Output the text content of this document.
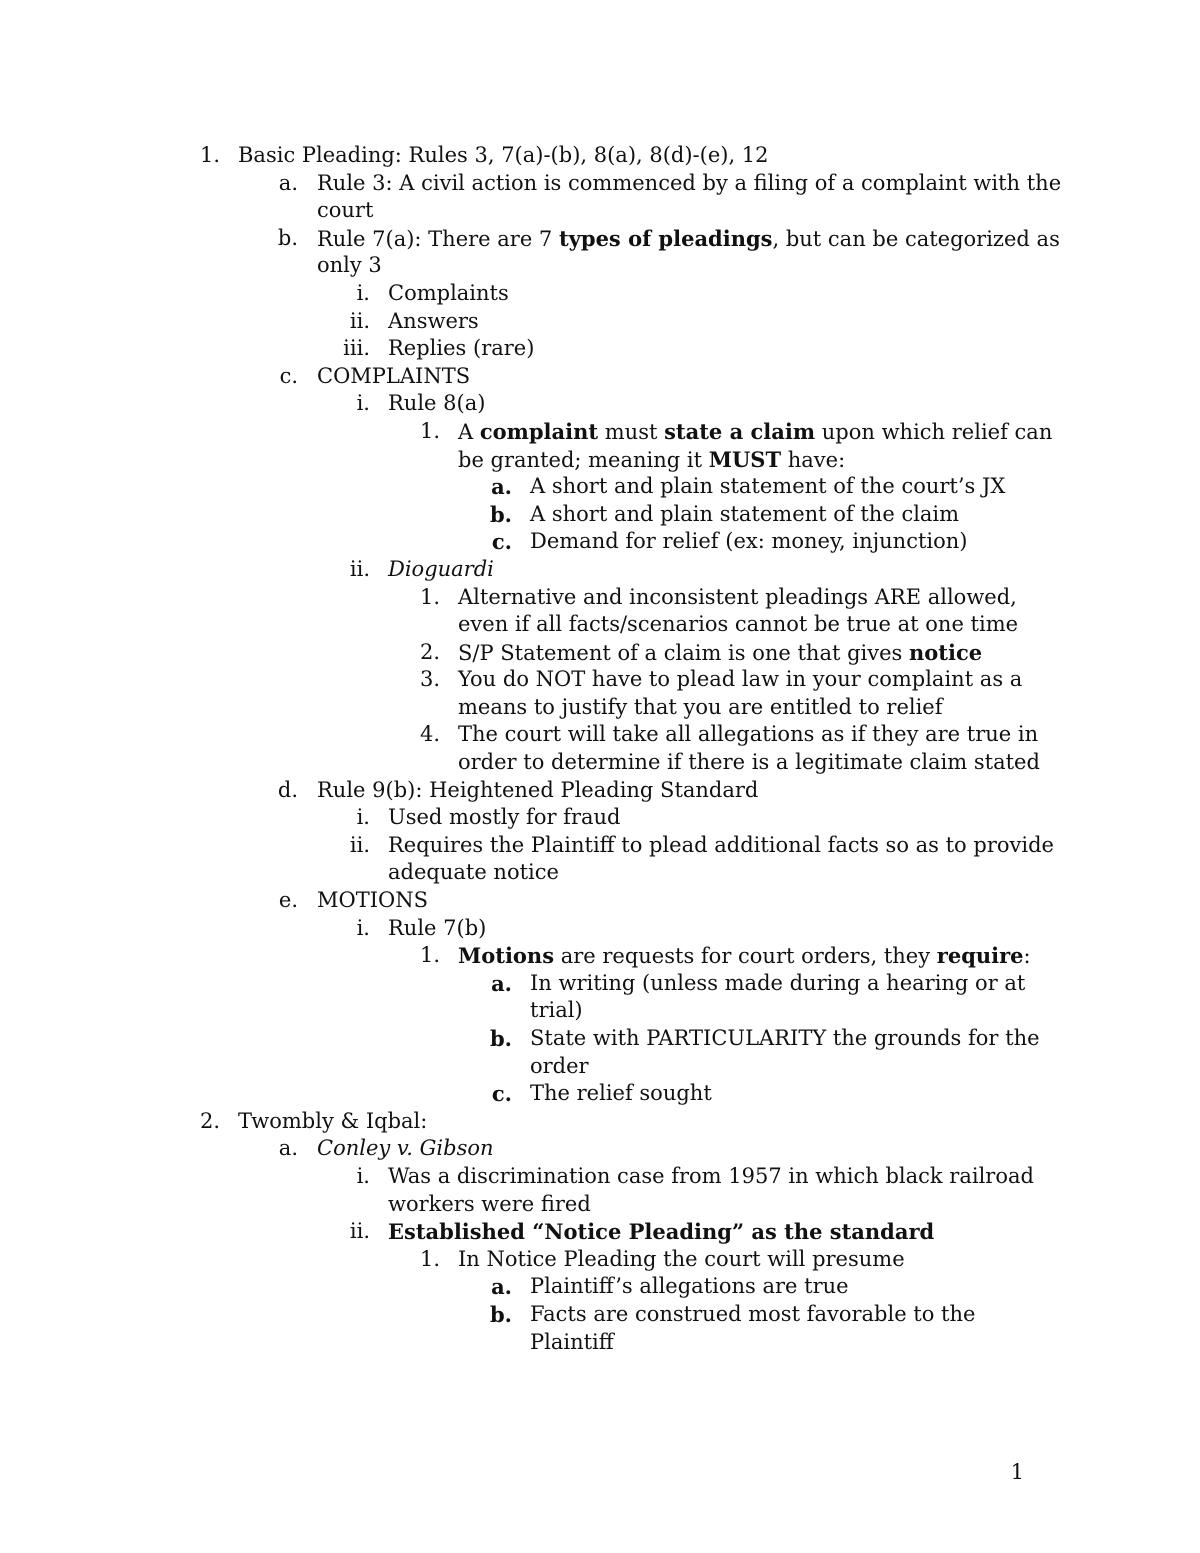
1. Basic Pleading: Rules 3, 7(a)-(b), 8(a), 8(d)-(e), 12
a. Rule 3: A civil action is commenced by a filing of a complaint with the
court
b. Rule 7(a): There are 7 types of pleadings, but can be categorized as
only 3
i. Complaints
ii. Answers
iii. Replies (rare)
c. COMPLAINTS
i. Rule 8(a)
1. A complaint must state a claim upon which relief can
be granted; meaning it MUST have:
a. A short and plain statement of the court’s JX
b. A short and plain statement of the claim
c. Demand for relief (ex: money, injunction)
ii. Dioguardi
1. Alternative and inconsistent pleadings ARE allowed,
even if all facts/scenarios cannot be true at one time
2. S/P Statement of a claim is one that gives notice
3. You do NOT have to plead law in your complaint as a
means to justify that you are entitled to relief
4. The court will take all allegations as if they are true in
order to determine if there is a legitimate claim stated
d. Rule 9(b): Heightened Pleading Standard
i. Used mostly for fraud
ii. Requires the Plaintiff to plead additional facts so as to provide
adequate notice
e. MOTIONS
i. Rule 7(b)
1. Motions are requests for court orders, they require:
a. In writing (unless made during a hearing or at
trial)
b. State with PARTICULARITY the grounds for the
order
c. The relief sought
2. Twombly & Iqbal:
a. Conley v. Gibson
i. Was a discrimination case from 1957 in which black railroad
workers were fired
ii. Established “Notice Pleading” as the standard
1. In Notice Pleading the court will presume
a. Plaintiff’s allegations are true
b. Facts are construed most favorable to the
Plaintiff
1
